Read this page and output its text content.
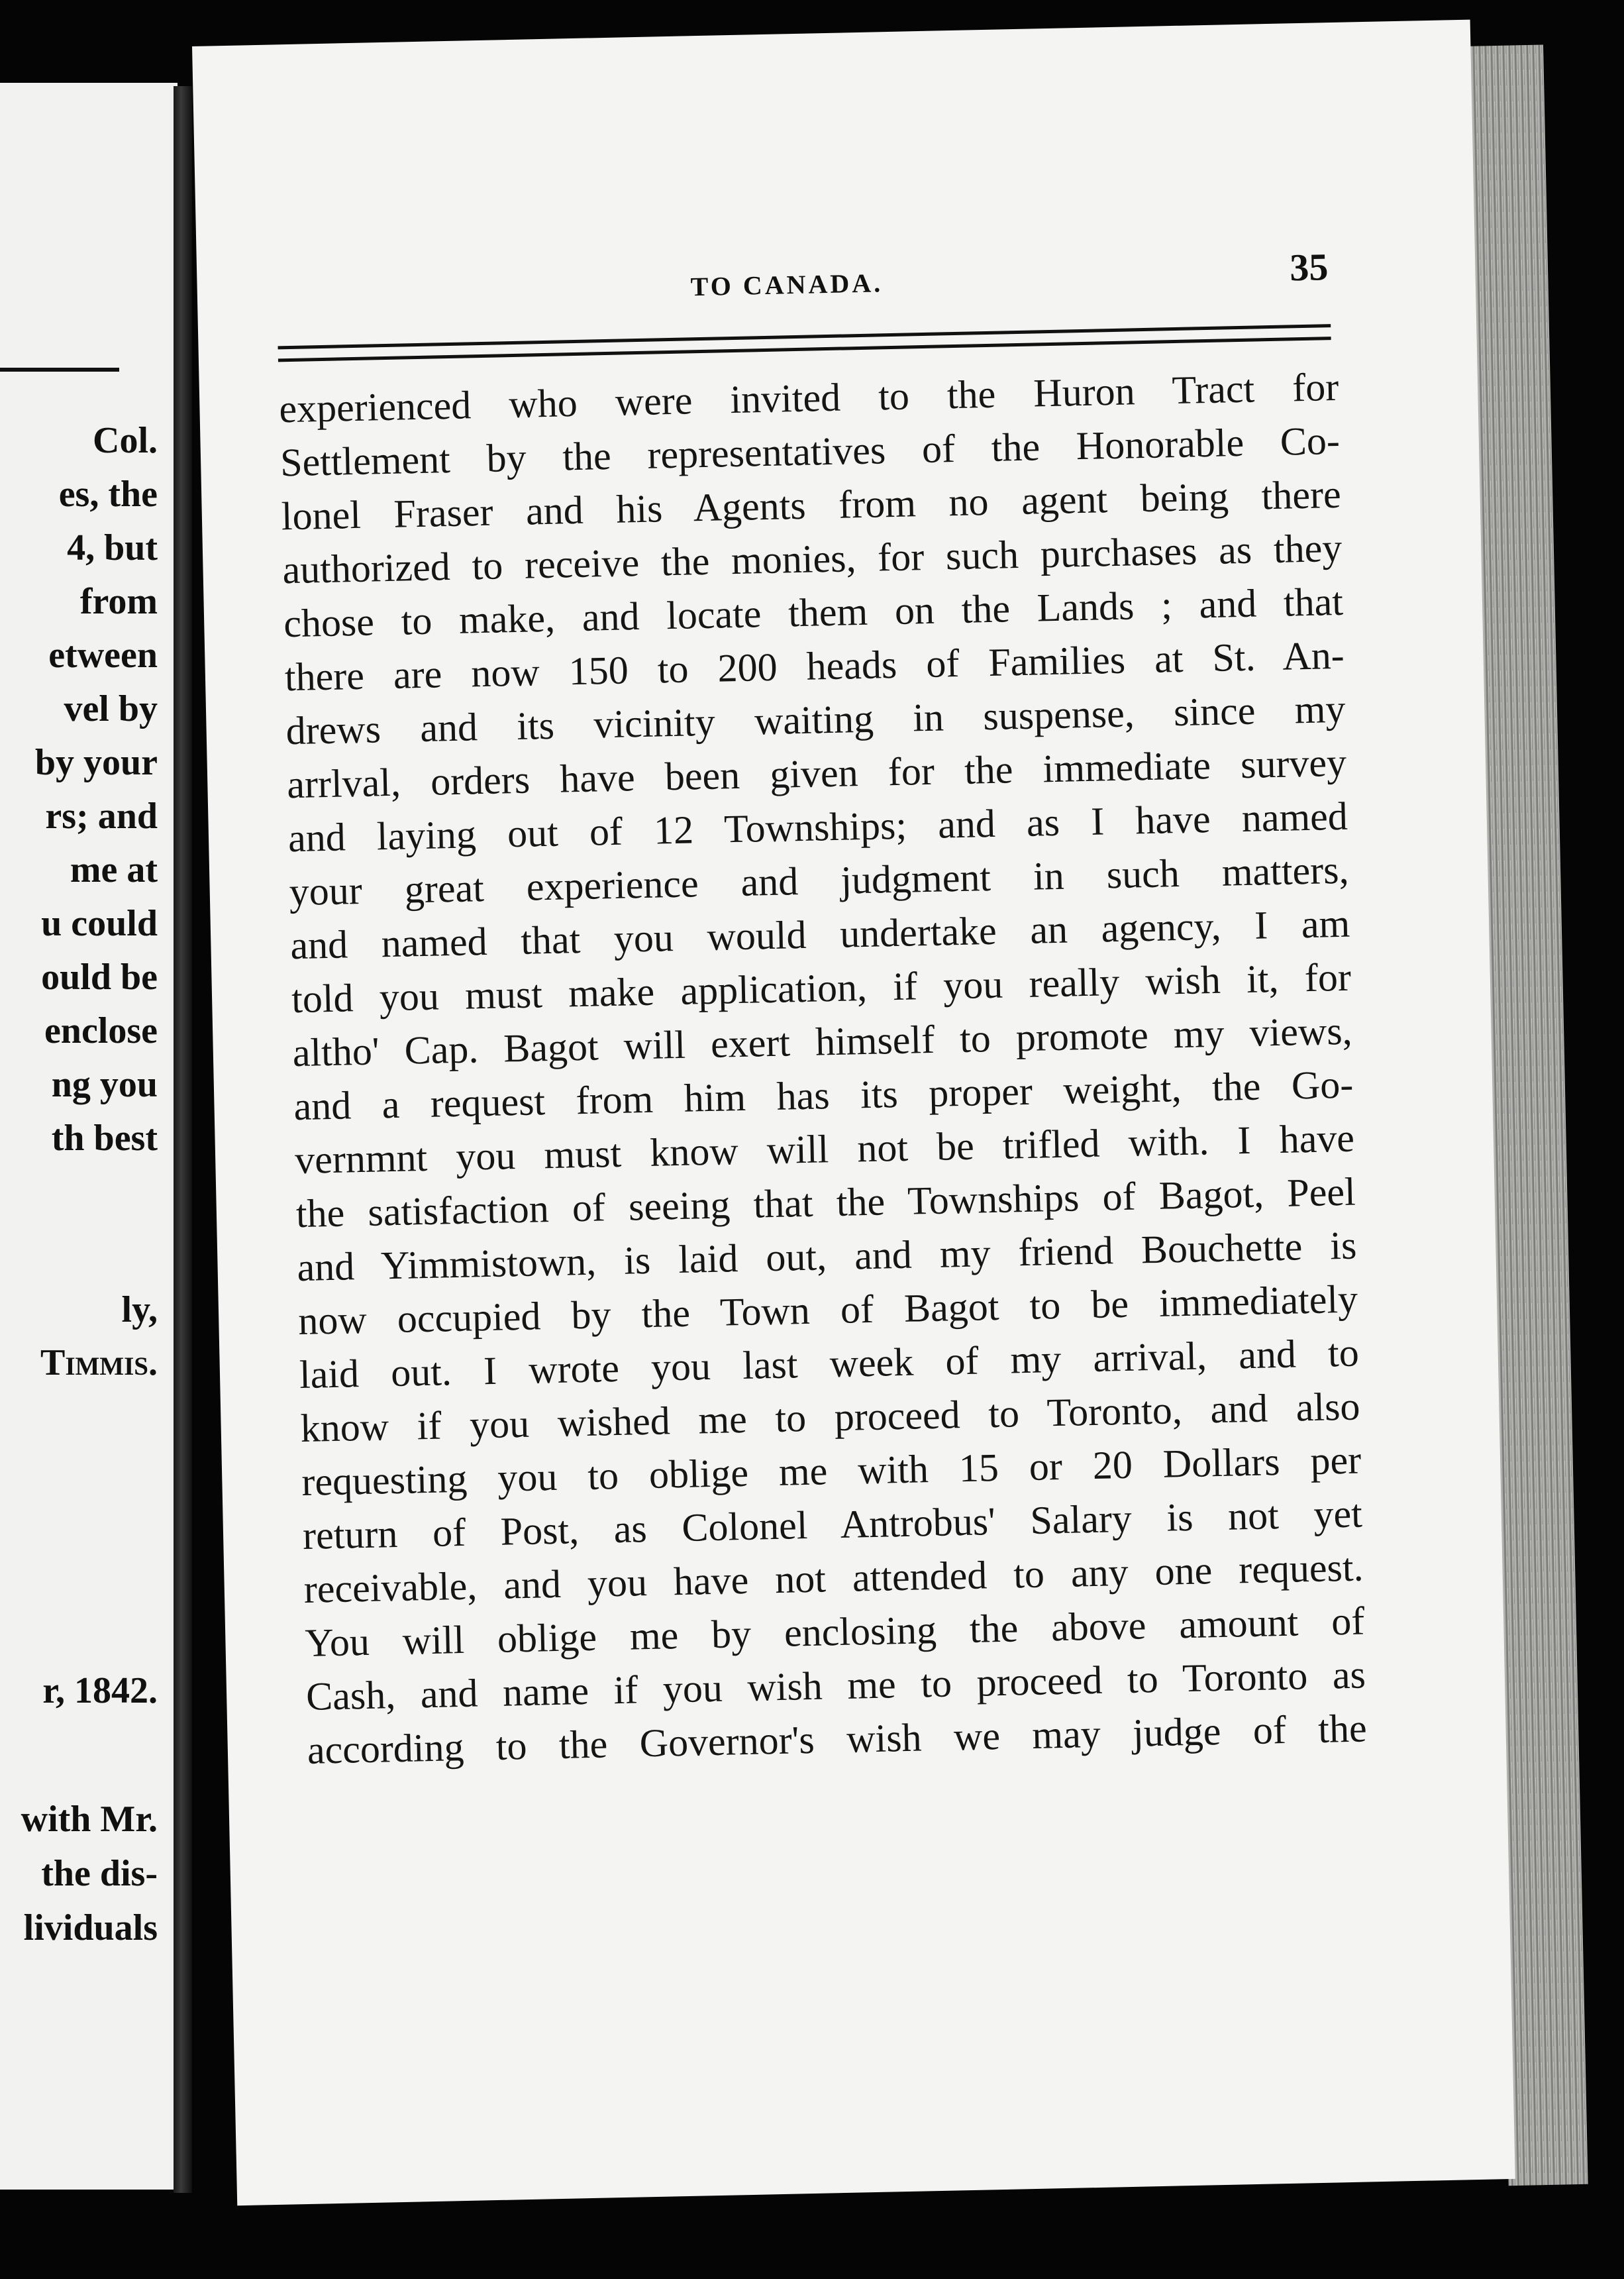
Col.
es, the
4, but
from
etween
vel by
by your
rs; and
me at
u could
ould be
enclose
ng you
th best
ly,
Timmis.
r, 1842.
with Mr.
the dis-
lividuals
TO CANADA.	35
experienced who were invited to the Huron Tract for
Settlement by the representatives of the Honorable Co-
lonel Fraser and his Agents from no agent being there
authorized to receive the monies, for such purchases as they
chose to make, and locate them on the Lands ; and that
there are now 150 to 200 heads of Families at St. An-
drews and its vicinity waiting in suspense, since my
arrlval, orders have been given for the immediate survey
and laying out of 12 Townships; and as I have named
your great experience and judgment in such matters,
and named that you would undertake an agency, I am
told you must make application, if you really wish it, for
altho' Cap. Bagot will exert himself to promote my views,
and a request from him has its proper weight, the Go-
vernmnt you must know will not be trifled with. I have
the satisfaction of seeing that the Townships of Bagot, Peel
and Yimmistown, is laid out, and my friend Bouchette is
now occupied by the Town of Bagot to be immediately
laid out. I wrote you last week of my arrival, and to
know if you wished me to proceed to Toronto, and also
requesting you to oblige me with 15 or 20 Dollars per
return of Post, as Colonel Antrobus' Salary is not yet
receivable, and you have not attended to any one request.
You will oblige me by enclosing the above amount of
Cash, and name if you wish me to proceed to Toronto as
according to the Governor's wish we may judge of the
